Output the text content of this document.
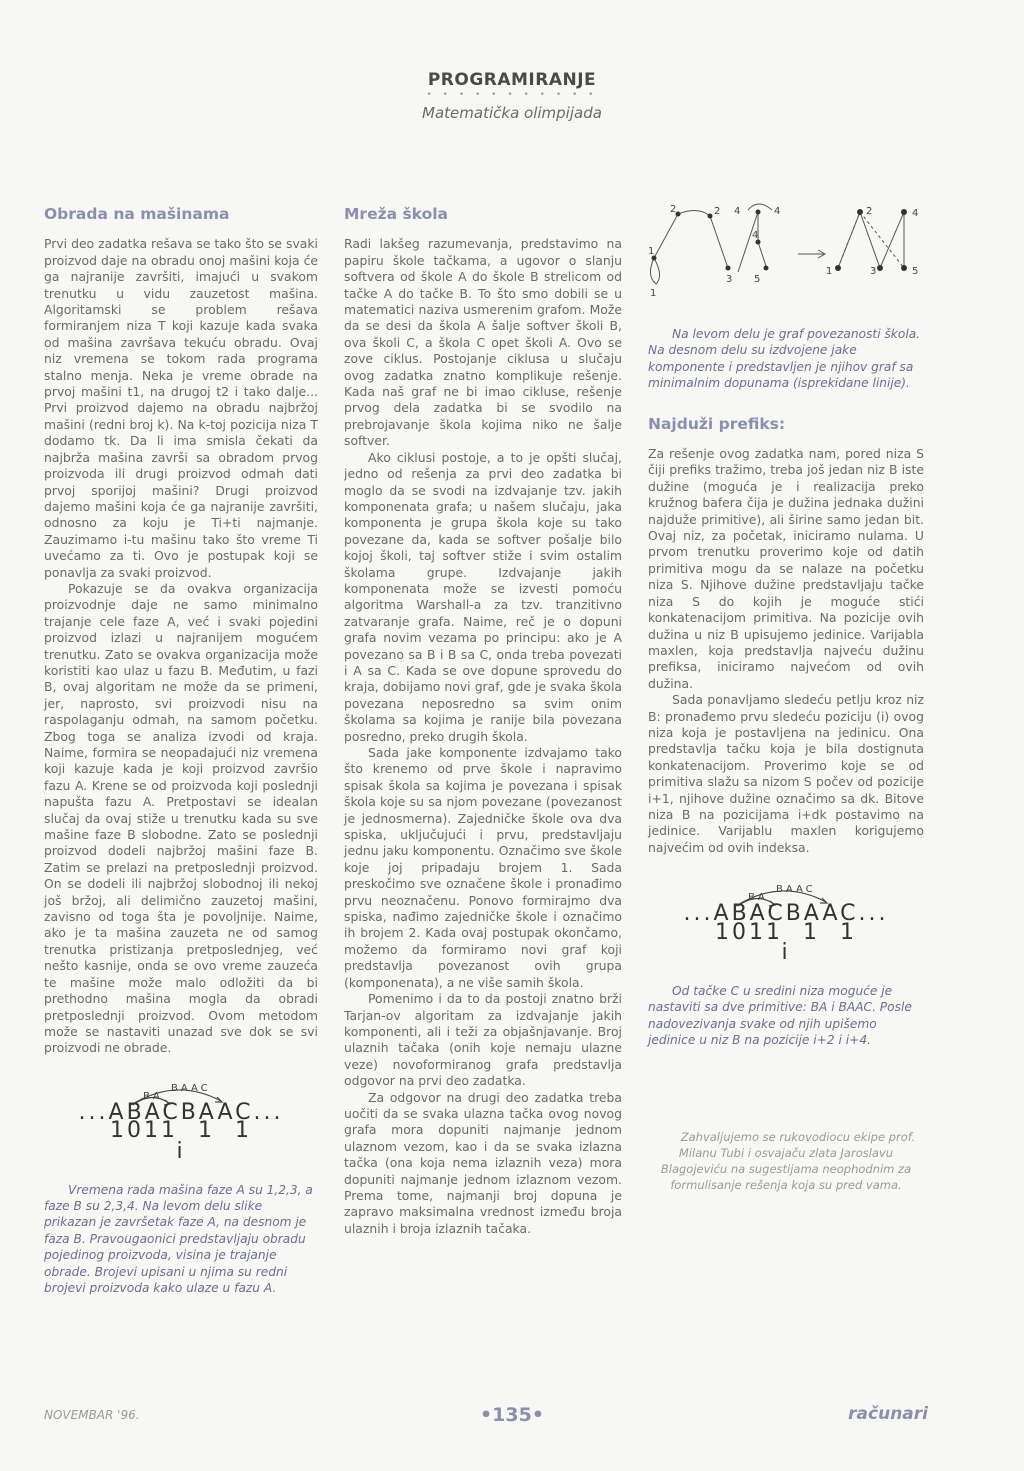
PROGRAMIRANJE
• • • • • • • • • • •
Matematička olimpijada
Obrada na mašinama

Prvi deo zadatka rešava se tako što se svaki proizvod daje na obradu onoj mašini koja će ga najranije završiti, imajući u svakom trenutku u vidu zauzetost mašina. Algoritamski se problem rešava formiranjem niza T koji kazuje kada svaka od mašina završava tekuću obradu. Ovaj niz vremena se tokom rada programa stalno menja. Neka je vreme obrade na prvoj mašini t1, na drugoj t2 i tako dalje... Prvi proizvod dajemo na obradu najbržoj mašini (redni broj k). Na k-toj pozicija niza T dodamo tk. Da li ima smisla čekati da najbrža mašina završi sa obradom prvog proizvoda ili drugi proizvod odmah dati prvoj sporijoj mašini? Drugi proizvod dajemo mašini koja će ga najranije završiti, odnosno za koju je Ti+ti najmanje. Zauzimamo i-tu mašinu tako što vreme Ti uvećamo za ti. Ovo je postupak koji se ponavlja za svaki proizvod.

Pokazuje se da ovakva organizacija proizvodnje daje ne samo minimalno trajanje cele faze A, već i svaki pojedini proizvod izlazi u najranijem mogućem trenutku. Zato se ovakva organizacija može koristiti kao ulaz u fazu B. Međutim, u fazi B, ovaj algoritam ne može da se primeni, jer, naprosto, svi proizvodi nisu na raspolaganju odmah, na samom početku. Zbog toga se analiza izvodi od kraja. Naime, formira se neopadajući niz vremena koji kazuje kada je koji proizvod završio fazu A. Krene se od proizvoda koji poslednji napušta fazu A. Pretpostavi se idealan slučaj da ovaj stiže u trenutku kada su sve mašine faze B slobodne. Zato se poslednji proizvod dodeli najbržoj mašini faze B. Zatim se prelazi na pretposlednji proizvod. On se dodeli ili najbržoj slobodnoj ili nekoj još bržoj, ali delimično zauzetoj mašini, zavisno od toga šta je povoljnije. Naime, ako je ta mašina zauzeta ne od samog trenutka pristizanja pretposlednjeg, već nešto kasnije, onda se ovo vreme zauzeća te mašine može malo odložiti da bi prethodno mašina mogla da obradi pretposlednji proizvod. Ovom metodom može se nastaviti unazad sve dok se svi proizvodi ne obrade.

BAAC
BA
...ABACBAAC...
1011  1  1
i

Vremena rada mašina faze A su 1,2,3, a faze B su 2,3,4. Na levom delu slike prikazan je završetak faze A, na desnom je faza B. Pravougaonici predstavljaju obradu pojedinog proizvoda, visina je trajanje obrade. Brojevi upisani u njima su redni brojevi proizvoda kako ulaze u fazu A.

Mreža škola

Radi lakšeg razumevanja, predstavimo na papiru škole tačkama, a ugovor o slanju softvera od škole A do škole B strelicom od tačke A do tačke B. To što smo dobili se u matematici naziva usmerenim grafom. Može da se desi da škola A šalje softver školi B, ova školi C, a škola C opet školi A. Ovo se zove ciklus. Postojanje ciklusa u slučaju ovog zadatka znatno komplikuje rešenje. Kada naš graf ne bi imao cikluse, rešenje prvog dela zadatka bi se svodilo na prebrojavanje škola kojima niko ne šalje softver.

Ako ciklusi postoje, a to je opšti slučaj, jedno od rešenja za prvi deo zadatka bi moglo da se svodi na izdvajanje tzv. jakih komponenata grafa; u našem slučaju, jaka komponenta je grupa škola koje su tako povezane da, kada se softver pošalje bilo kojoj školi, taj softver stiže i svim ostalim školama grupe. Izdvajanje jakih komponenata može se izvesti pomoću algoritma Warshall-a za tzv. tranzitivno zatvaranje grafa. Naime, reč je o dopuni grafa novim vezama po principu: ako je A povezano sa B i B sa C, onda treba povezati i A sa C. Kada se ove dopune sprovedu do kraja, dobijamo novi graf, gde je svaka škola povezana neposredno sa svim onim školama sa kojima je ranije bila povezana posredno, preko drugih škola.

Sada jake komponente izdvajamo tako što krenemo od prve škole i napravimo spisak škola sa kojima je povezana i spisak škola koje su sa njom povezane (povezanost je jednosmerna). Zajedničke škole ova dva spiska, uključujući i prvu, predstavljaju jednu jaku komponentu. Označimo sve škole koje joj pripadaju brojem 1. Sada preskočimo sve označene škole i pronađimo prvu neoznačenu. Ponovo formirajmo dva spiska, nađimo zajedničke škole i označimo ih brojem 2. Kada ovaj postupak okončamo, možemo da formiramo novi graf koji predstavlja povezanost ovih grupa (komponenata), a ne više samih škola.

Pomenimo i da to da postoji znatno brži Tarjan-ov algoritam za izdvajanje jakih komponenti, ali i teži za objašnjavanje. Broj ulaznih tačaka (onih koje nemaju ulazne veze) novoformiranog grafa predstavlja odgovor na prvi deo zadatka.

Za odgovor na drugi deo zadatka treba uočiti da se svaka ulazna tačka ovog novog grafa mora dopuniti najmanje jednom ulaznom vezom, kao i da se svaka izlazna tačka (ona koja nema izlaznih veza) mora dopuniti najmanje jednom izlaznom vezom. Prema tome, najmanji broj dopuna je zapravo maksimalna vrednost između broja ulaznih i broja izlaznih tačaka.

2	2 4	4
4
1
1
3 5
2	4
1	3	5

Na levom delu je graf povezanosti škola. Na desnom delu su izdvojene jake komponente i predstavljen je njihov graf sa minimalnim dopunama (isprekidane linije).

Najduži prefiks:

Za rešenje ovog zadatka nam, pored niza S čiji prefiks tražimo, treba još jedan niz B iste dužine (moguća je i realizacija preko kružnog bafera čija je dužina jednaka dužini najduže primitive), ali širine samo jedan bit. Ovaj niz, za početak, iniciramo nulama. U prvom trenutku proverimo koje od datih primitiva mogu da se nalaze na početku niza S. Njihove dužine predstavljaju tačke niza S do kojih je moguće stići konkatenacijom primitiva. Na pozicije ovih dužina u niz B upisujemo jedinice. Varijabla maxlen, koja predstavlja najveću dužinu prefiksa, iniciramo najvećom od ovih dužina.

Sada ponavljamo sledeću petlju kroz niz B: pronađemo prvu sledeću poziciju (i) ovog niza koja je postavljena na jedinicu. Ona predstavlja tačku koja je bila dostignuta konkatenacijom. Proverimo koje se od primitiva slažu sa nizom S počev od pozicije i+1, njihove dužine označimo sa dk. Bitove niza B na pozicijama i+dk postavimo na jedinice. Varijablu maxlen korigujemo najvećim od ovih indeksa.

BAAC
BA
...ABACBAAC...
1011  1  1
i

Od tačke C u sredini niza moguće je nastaviti sa dve primitive: BA i BAAC. Posle nadovezivanja svake od njih upišemo jedinice u niz B na pozicije i+2 i i+4.

Zahvaljujemo se rukovodiocu ekipe prof. Milanu Tubi i osvajaču zlata Jaroslavu Blagojeviću na sugestijama neophodnim za formulisanje rešenja koja su pred vama.

NOVEMBAR '96.	•135•	računari
